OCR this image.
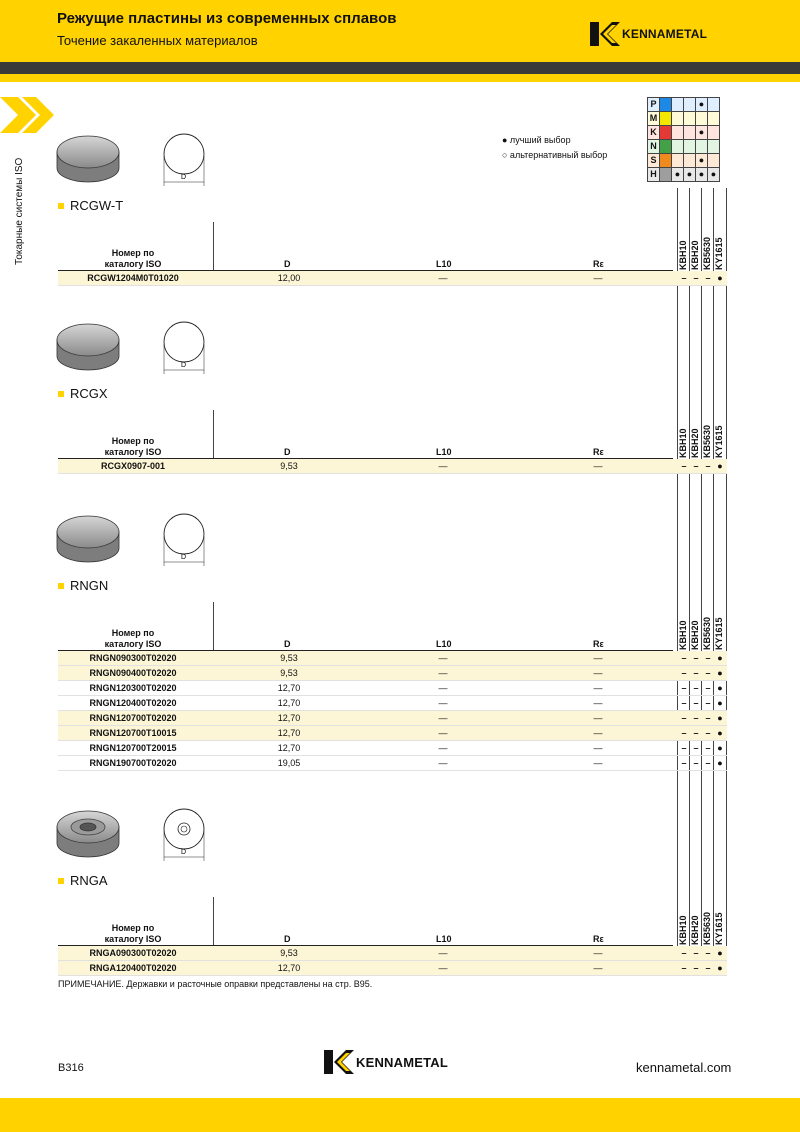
Режущие пластины из современных сплавов
Точение закаленных материалов	KENNAMETAL
Токарные системы ISO
P				●	
M					
K				●	
N					
S				●	
H		●	●	●	●
● лучший выбор
○ альтернативный выбор
D
RCGW-T
Номер по
каталогу ISO	D	L10	Rε	KBH10 KBH20 KB5630 KY1615
RCGW1204M0T01020	12,00	—	—	– – – ●
D
RCGX
Номер по
каталогу ISO	D	L10	Rε	KBH10 KBH20 KB5630 KY1615
RCGX0907-001	9,53	—	—	– – – ●
D
RNGN
Номер по
каталогу ISO	D	L10	Rε	KBH10 KBH20 KB5630 KY1615
RNGN090300T02020	9,53	—	—	– – – ●
RNGN090400T02020	9,53	—	—	– – – ●
RNGN120300T02020	12,70	—	—	– – – ●
RNGN120400T02020	12,70	—	—	– – – ●
RNGN120700T02020	12,70	—	—	– – – ●
RNGN120700T10015	12,70	—	—	– – – ●
RNGN120700T20015	12,70	—	—	– – – ●
RNGN190700T02020	19,05	—	—	– – – ●
D
RNGA
Номер по
каталогу ISO	D	L10	Rε	KBH10 KBH20 KB5630 KY1615
RNGA090300T02020	9,53	—	—	– – – ●
RNGA120400T02020	12,70	—	—	– – – ●
ПРИМЕЧАНИЕ. Державки и расточные оправки представлены на стр. B95.
B316	KENNAMETAL	kennametal.com
